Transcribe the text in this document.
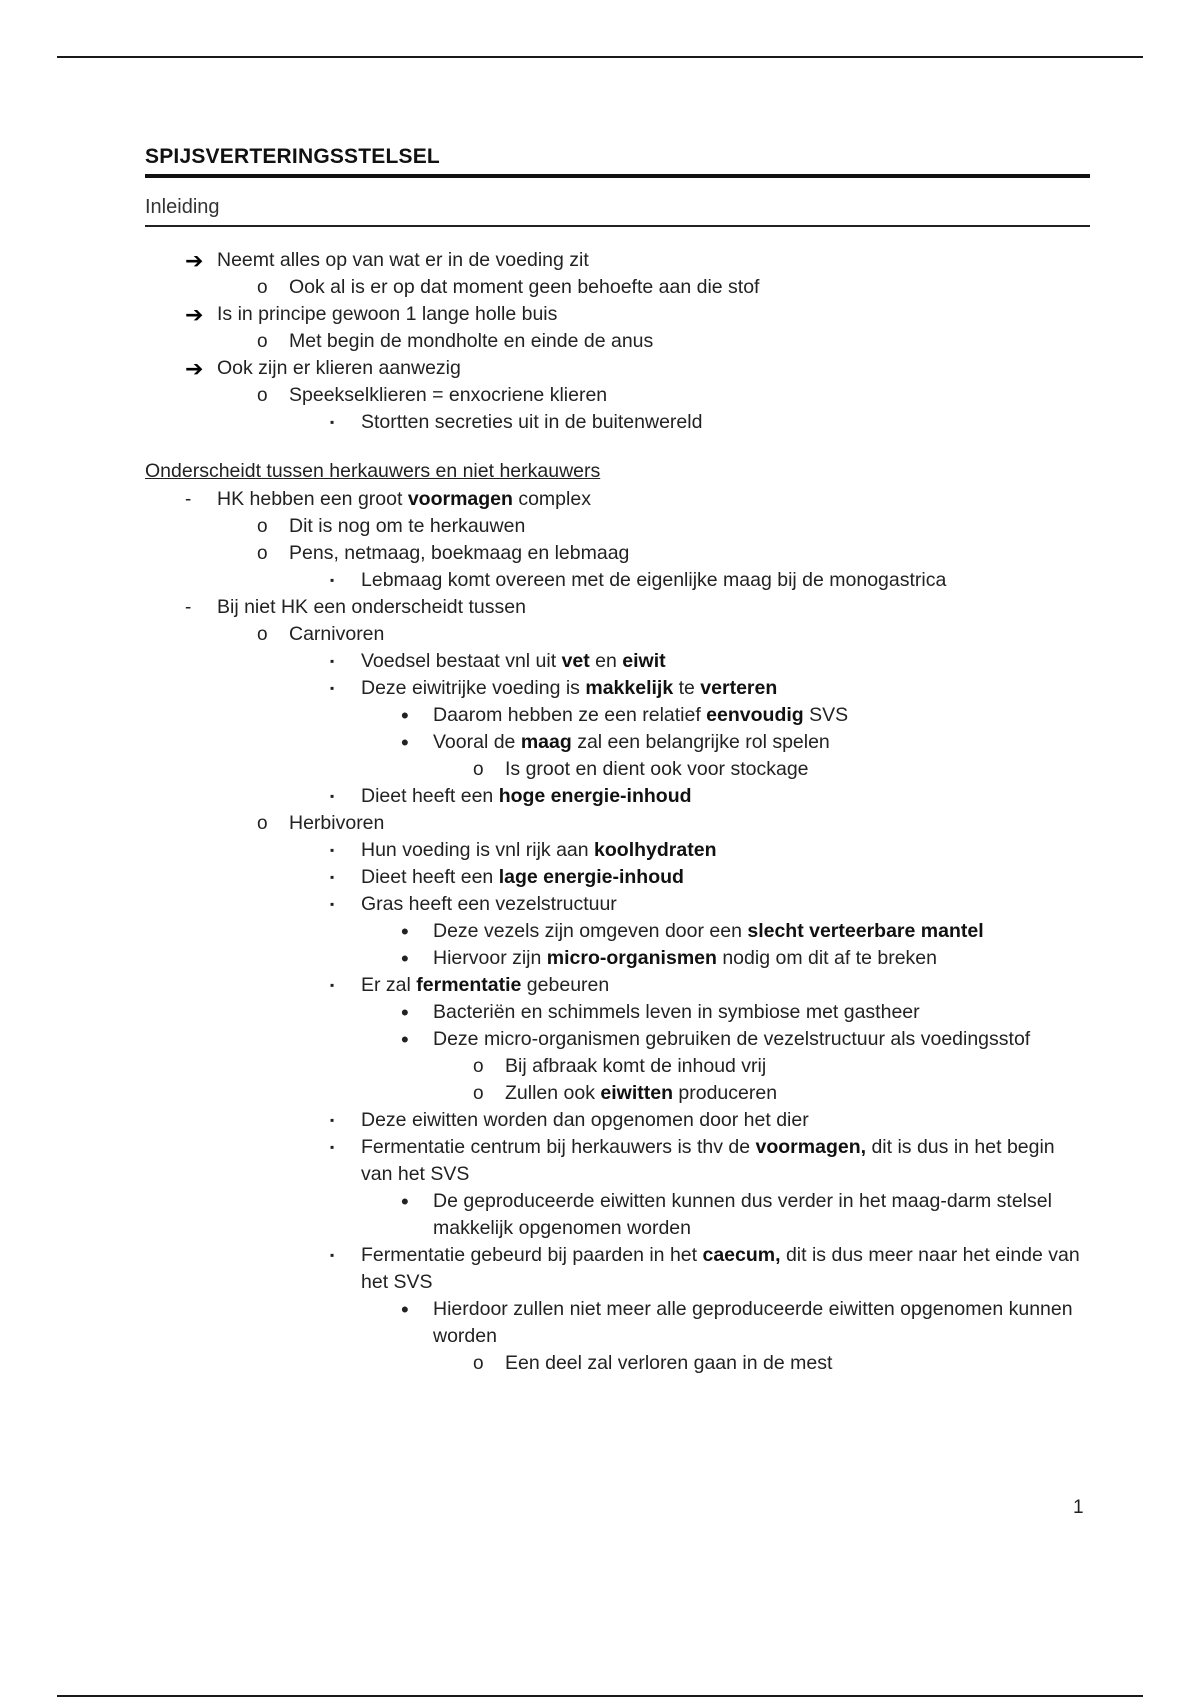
SPIJSVERTERINGSSTELSEL
Inleiding
➔ Neemt alles op van wat er in de voeding zit
o Ook al is er op dat moment geen behoefte aan die stof
➔ Is in principe gewoon 1 lange holle buis
o Met begin de mondholte en einde de anus
➔ Ook zijn er klieren aanwezig
o Speekselklieren = enxocriene klieren
▪ Stortten secreties uit in de buitenwereld
Onderscheidt tussen herkauwers en niet herkauwers
- HK hebben een groot voormagen complex
o Dit is nog om te herkauwen
o Pens, netmaag, boekmaag en lebmaag
▪ Lebmaag komt overeen met de eigenlijke maag bij de monogastrica
- Bij niet HK een onderscheidt tussen
o Carnivoren
▪ Voedsel bestaat vnl uit vet en eiwit
▪ Deze eiwitrijke voeding is makkelijk te verteren
• Daarom hebben ze een relatief eenvoudig SVS
• Vooral de maag zal een belangrijke rol spelen
o Is groot en dient ook voor stockage
▪ Dieet heeft een hoge energie-inhoud
o Herbivoren
▪ Hun voeding is vnl rijk aan koolhydraten
▪ Dieet heeft een lage energie-inhoud
▪ Gras heeft een vezelstructuur
• Deze vezels zijn omgeven door een slecht verteerbare mantel
• Hiervoor zijn micro-organismen nodig om dit af te breken
▪ Er zal fermentatie gebeuren
• Bacteriën en schimmels leven in symbiose met gastheer
• Deze micro-organismen gebruiken de vezelstructuur als voedingsstof
o Bij afbraak komt de inhoud vrij
o Zullen ook eiwitten produceren
▪ Deze eiwitten worden dan opgenomen door het dier
▪ Fermentatie centrum bij herkauwers is thv de voormagen, dit is dus in het begin van het SVS
• De geproduceerde eiwitten kunnen dus verder in het maag-darm stelsel makkelijk opgenomen worden
▪ Fermentatie gebeurd bij paarden in het caecum, dit is dus meer naar het einde van het SVS
• Hierdoor zullen niet meer alle geproduceerde eiwitten opgenomen kunnen worden
o Een deel zal verloren gaan in de mest
1
